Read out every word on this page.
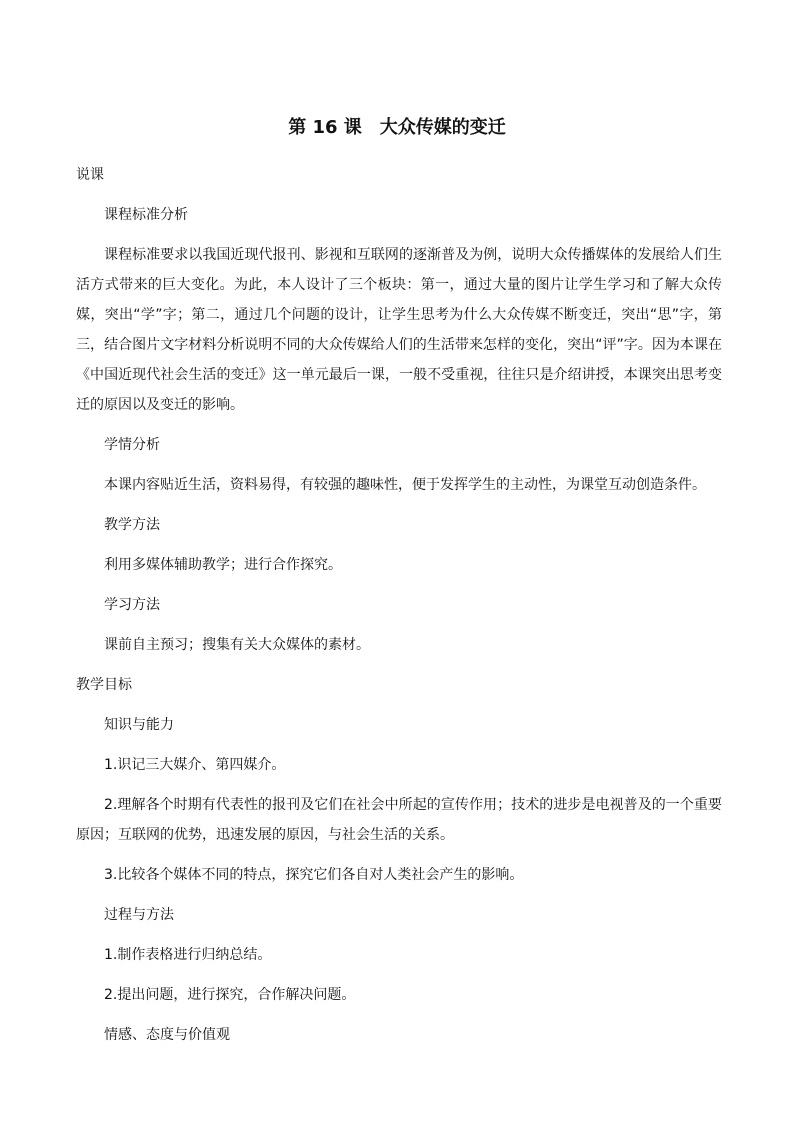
第 16 课　大众传媒的变迁

说课

课程标准分析

课程标准要求以我国近现代报刊、影视和互联网的逐渐普及为例，说明大众传播媒体的发展给人们生活方式带来的巨大变化。为此，本人设计了三个板块：第一，通过大量的图片让学生学习和了解大众传媒，突出“学”字；第二，通过几个问题的设计，让学生思考为什么大众传媒不断变迁，突出“思”字，第三，结合图片文字材料分析说明不同的大众传媒给人们的生活带来怎样的变化，突出“评”字。因为本课在《中国近现代社会生活的变迁》这一单元最后一课，一般不受重视，往往只是介绍讲授，本课突出思考变迁的原因以及变迁的影响。

学情分析

本课内容贴近生活，资料易得，有较强的趣味性，便于发挥学生的主动性，为课堂互动创造条件。

教学方法

利用多媒体辅助教学；进行合作探究。

学习方法

课前自主预习；搜集有关大众媒体的素材。

教学目标

知识与能力

1.识记三大媒介、第四媒介。

2.理解各个时期有代表性的报刊及它们在社会中所起的宣传作用；技术的进步是电视普及的一个重要原因；互联网的优势，迅速发展的原因，与社会生活的关系。

3.比较各个媒体不同的特点，探究它们各自对人类社会产生的影响。

过程与方法

1.制作表格进行归纳总结。

2.提出问题，进行探究，合作解决问题。

情感、态度与价值观
